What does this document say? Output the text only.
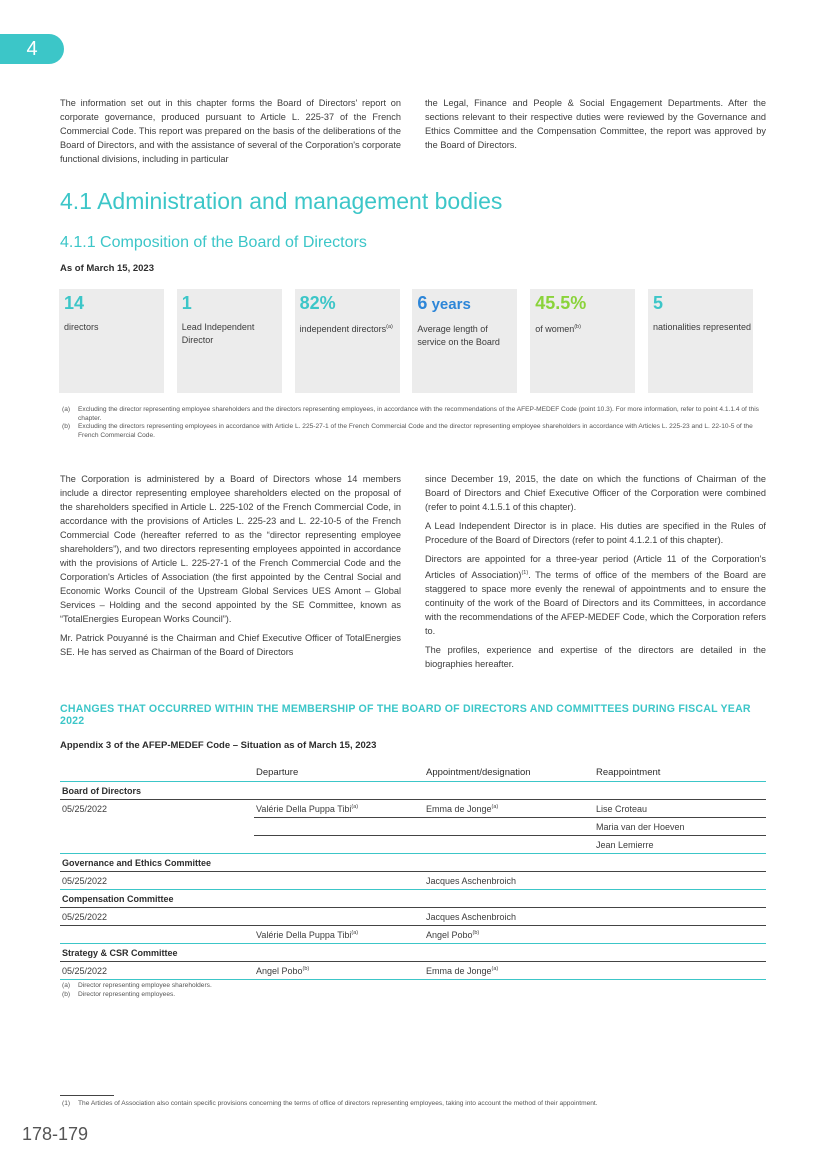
4
The information set out in this chapter forms the Board of Directors' report on corporate governance, produced pursuant to Article L. 225-37 of the French Commercial Code. This report was prepared on the basis of the deliberations of the Board of Directors, and with the assistance of several of the Corporation's corporate functional divisions, including in particular
the Legal, Finance and People & Social Engagement Departments. After the sections relevant to their respective duties were reviewed by the Governance and Ethics Committee and the Compensation Committee, the report was approved by the Board of Directors.
4.1 Administration and management bodies
4.1.1 Composition of the Board of Directors
As of March 15, 2023
14
directors
1
Lead Independent Director
82%
independent directors$^{(a)}$
6 years
Average length of service on the Board
45.5%
of women$^{(b)}$
5
nationalities represented
(a)	Excluding the director representing employee shareholders and the directors representing employees, in accordance with the recommendations of the AFEP-MEDEF Code (point 10.3). For more information, refer to point 4.1.1.4 of this chapter.
(b)	Excluding the directors representing employees in accordance with Article L. 225-27-1 of the French Commercial Code and the director representing employee shareholders in accordance with Articles L. 225-23 and L. 22-10-5 of the French Commercial Code.

The Corporation is administered by a Board of Directors whose 14 members include a director representing employee shareholders elected on the proposal of the shareholders specified in Article L. 225-102 of the French Commercial Code, in accordance with the provisions of Articles L. 225-23 and L. 22-10-5 of the French Commercial Code (hereafter referred to as the “director representing employee shareholders”), and two directors representing employees appointed in accordance with the provisions of Article L. 225-27-1 of the French Commercial Code and the Corporation's Articles of Association (the first appointed by the Central Social and Economic Works Council of the Upstream Global Services UES Amont – Global Services – Holding and the second appointed by the SE Committee, known as “TotalEnergies European Works Council”).

Mr. Patrick Pouyanné is the Chairman and Chief Executive Officer of TotalEnergies SE. He has served as Chairman of the Board of Directors

since December 19, 2015, the date on which the functions of Chairman of the Board of Directors and Chief Executive Officer of the Corporation were combined (refer to point 4.1.5.1 of this chapter).

A Lead Independent Director is in place. His duties are specified in the Rules of Procedure of the Board of Directors (refer to point 4.1.2.1 of this chapter).

Directors are appointed for a three-year period (Article 11 of the Corporation's Articles of Association)$^{(1)}$. The terms of office of the members of the Board are staggered to space more evenly the renewal of appointments and to ensure the continuity of the work of the Board of Directors and its Committees, in accordance with the recommendations of the AFEP-MEDEF Code, which the Corporation refers to.

The profiles, experience and expertise of the directors are detailed in the biographies hereafter.

CHANGES THAT OCCURRED WITHIN THE MEMBERSHIP OF THE BOARD OF DIRECTORS AND COMMITTEES DURING FISCAL YEAR 2022
Appendix 3 of the AFEP-MEDEF Code – Situation as of March 15, 2023
	Departure	Appointment/designation	Reappointment
Board of Directors			
05/25/2022	Valérie Della Puppa Tibi$^{(a)}$	Emma de Jonge$^{(a)}$	Lise Croteau
			Maria van der Hoeven
			Jean Lemierre
Governance and Ethics Committee			
05/25/2022		Jacques Aschenbroich	
Compensation Committee			
05/25/2022		Jacques Aschenbroich	
	Valérie Della Puppa Tibi$^{(a)}$	Angel Pobo$^{(b)}$	
Strategy & CSR Committee			
05/25/2022	Angel Pobo$^{(b)}$	Emma de Jonge$^{(a)}$	
(a)	Director representing employee shareholders.
(b)	Director representing employees.
(1)	The Articles of Association also contain specific provisions concerning the terms of office of directors representing employees, taking into account the method of their appointment.
178-179
